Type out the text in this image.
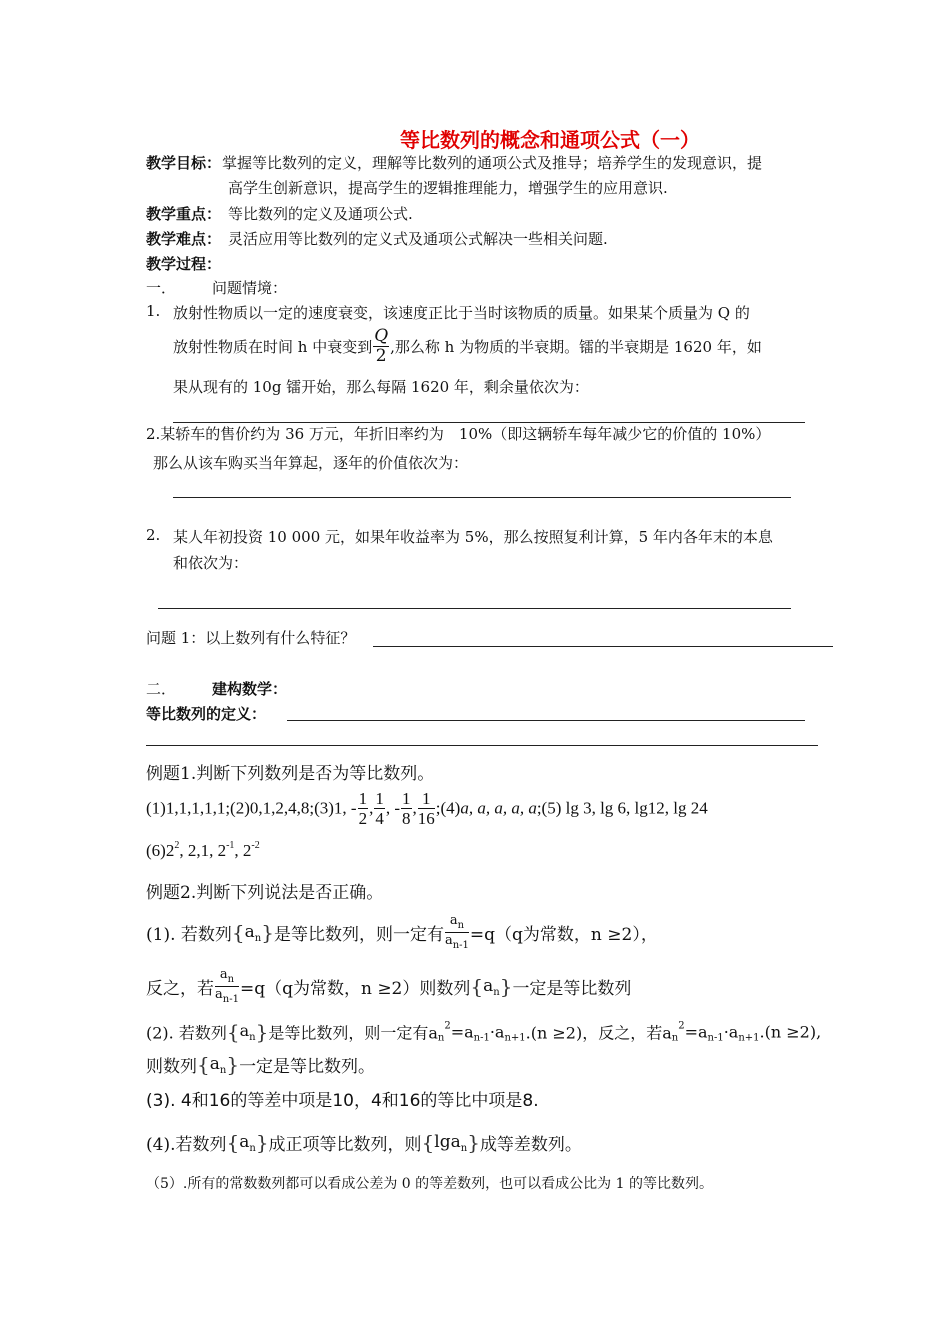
等比数列的概念和通项公式（一）
教学目标： 掌握等比数列的定义，理解等比数列的通项公式及推导；培养学生的发现意识，提
高学生创新意识，提高学生的逻辑推理能力，增强学生的应用意识.
教学重点： 等比数列的定义及通项公式.
教学难点： 灵活应用等比数列的定义式及通项公式解决一些相关问题.
教学过程：
一． 问题情境：
1. 放射性物质以一定的速度衰变，该速度正比于当时该物质的质量。如果某个质量为 Q 的
放射性物质在时间 h 中衰变到 $\frac{Q}{2}$ ,那么称 h 为物质的半衰期。镭的半衰期是 1620 年，如
果从现有的 10g 镭开始，那么每隔 1620 年，剩余量依次为：
2.某轿车的售价约为 36 万元，年折旧率约为　10%（即这辆轿车每年减少它的价值的 10%）
那么从该车购买当年算起，逐年的价值依次为：
2. 某人年初投资 10 000 元，如果年收益率为 5%，那么按照复利计算，5 年内各年末的本息
和依次为：
问题 1：以上数列有什么特征？
二． 建构数学：
等比数列的定义：
例题1.判断下列数列是否为等比数列。
(1)1,1,1,1,1;(2)0,1,2,4,8;(3)1, - $\frac{1}{2}$ , $\frac{1}{4}$ , - $\frac{1}{8}$ , $\frac{1}{16}$ ;(4)a, a, a, a, a;(5) lg 3, lg 6, lg12, lg 24
$(6)2^2$, 2,1, $2^{-1}$, $2^{-2}$
例题2.判断下列说法是否正确。
(1). 若数列$\{a_n\}$是等比数列，则一定有 $\frac{a_n}{a_{n-1}} =q(q$为常数，n ≥2），
反之，若 $\frac{a_n}{a_{n-1}} =q(q$为常数，n ≥2）则数列$\{a_n\}$一定是等比数列
(2). 若数列$\{a_n\}$是等比数列，则一定有$a_n^2=a_{n-1}\cdot a_{n+1}.(n \ge 2)$，反之，若$a_n^2=a_{n-1}\cdot a_{n+1}.(n \ge 2)$,
则数列$\{a_n\}$一定是等比数列。
(3). 4和16的等差中项是10，4和16的等比中项是8.
(4).若数列$\{a_n\}$成正项等比数列，则{lga$_n$}成等差数列。
（5）.所有的常数数列都可以看成公差为 0 的等差数列，也可以看成公比为 1 的等比数列。
